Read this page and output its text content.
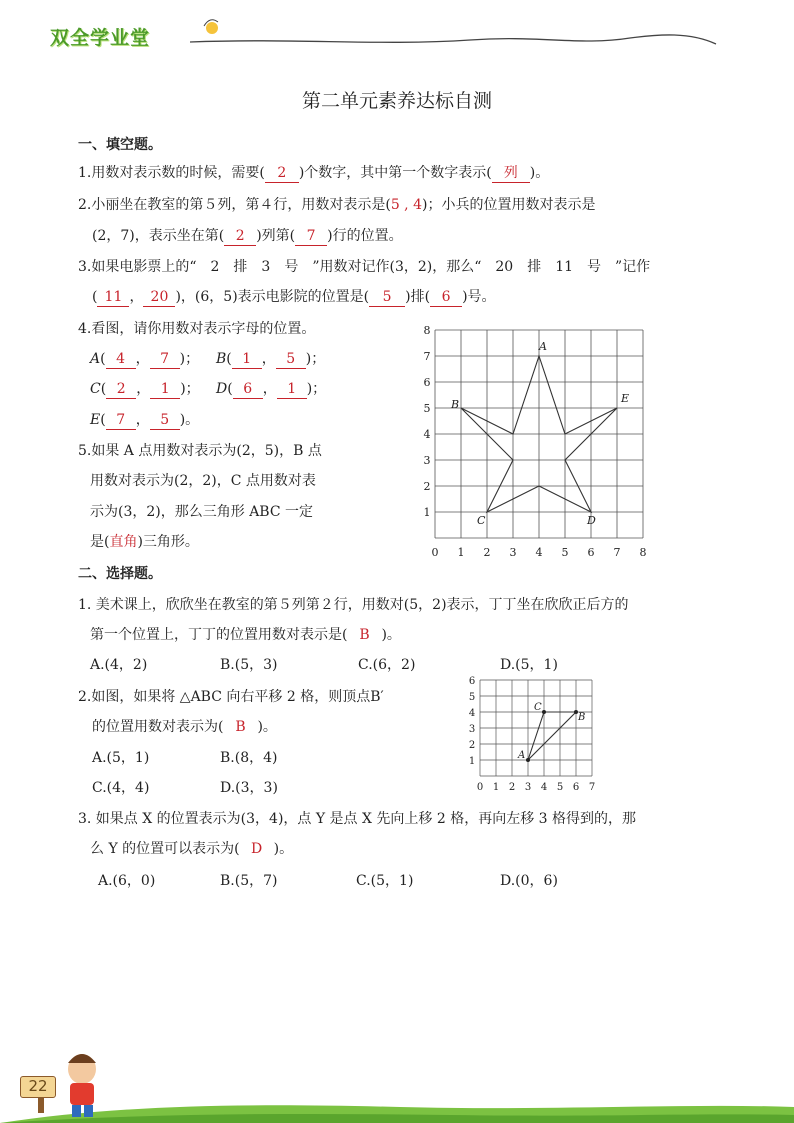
双全学业堂
第二单元素养达标自测
一、填空题。
1.用数对表示数的时候，需要( 2 )个数字，其中第一个数字表示( 列 )。
2.小丽坐在教室的第５列，第４行，用数对表示是(5 , 4)；小兵的位置用数对表示是
(2，7)，表示坐在第( 2 )列第( 7 )行的位置。
3.如果电影票上的“　2　排　3　号　”用数对记作(3，2)，那么“　20　排　11　号　”记作
( 11 ， 20 )，(6，5)表示电影院的位置是( 5 )排( 6 )号。
4.看图，请你用数对表示字母的位置。
A( 4 ， 7 )； B( 1 ， 5 )；
C( 2 ， 1 )； D( 6 ， 1 )；
E( 7 ， 5 )。
5.如果 A 点用数对表示为(2，5)，B 点
用数对表示为(2，2)，C 点用数对表
示为(3，2)，那么三角形 ABC 一定
是(直角)三角形。
0 1
1
2
2
3
3
4
4
5
5
6
6
7
7
8
8
A
B
C	D
E
二、选择题。
1. 美术课上，欣欣坐在教室的第５列第２行，用数对(5，2)表示，丁丁坐在欣欣正后方的
第一个位置上，丁丁的位置用数对表示是( B )。
A.(4，2)	B.(5，3)	C.(6，2)	D.(5，1)
2.如图，如果将 △ABC 向右平移 2 格，则顶点B′
的位置用数对表示为( B )。
A.(5，1)	B.(8，4)
C.(4，4)	D.(3，3)	0 1 2 3 4 5 6 7
1
2
3
4
5
6
A
B
C
3. 如果点 X 的位置表示为(3，4)，点 Y 是点 X 先向上移 2 格，再向左移 3 格得到的，那
么 Y 的位置可以表示为( D )。
A.(6，0)	B.(5，7)	C.(5，1)	D.(0，6)
22
